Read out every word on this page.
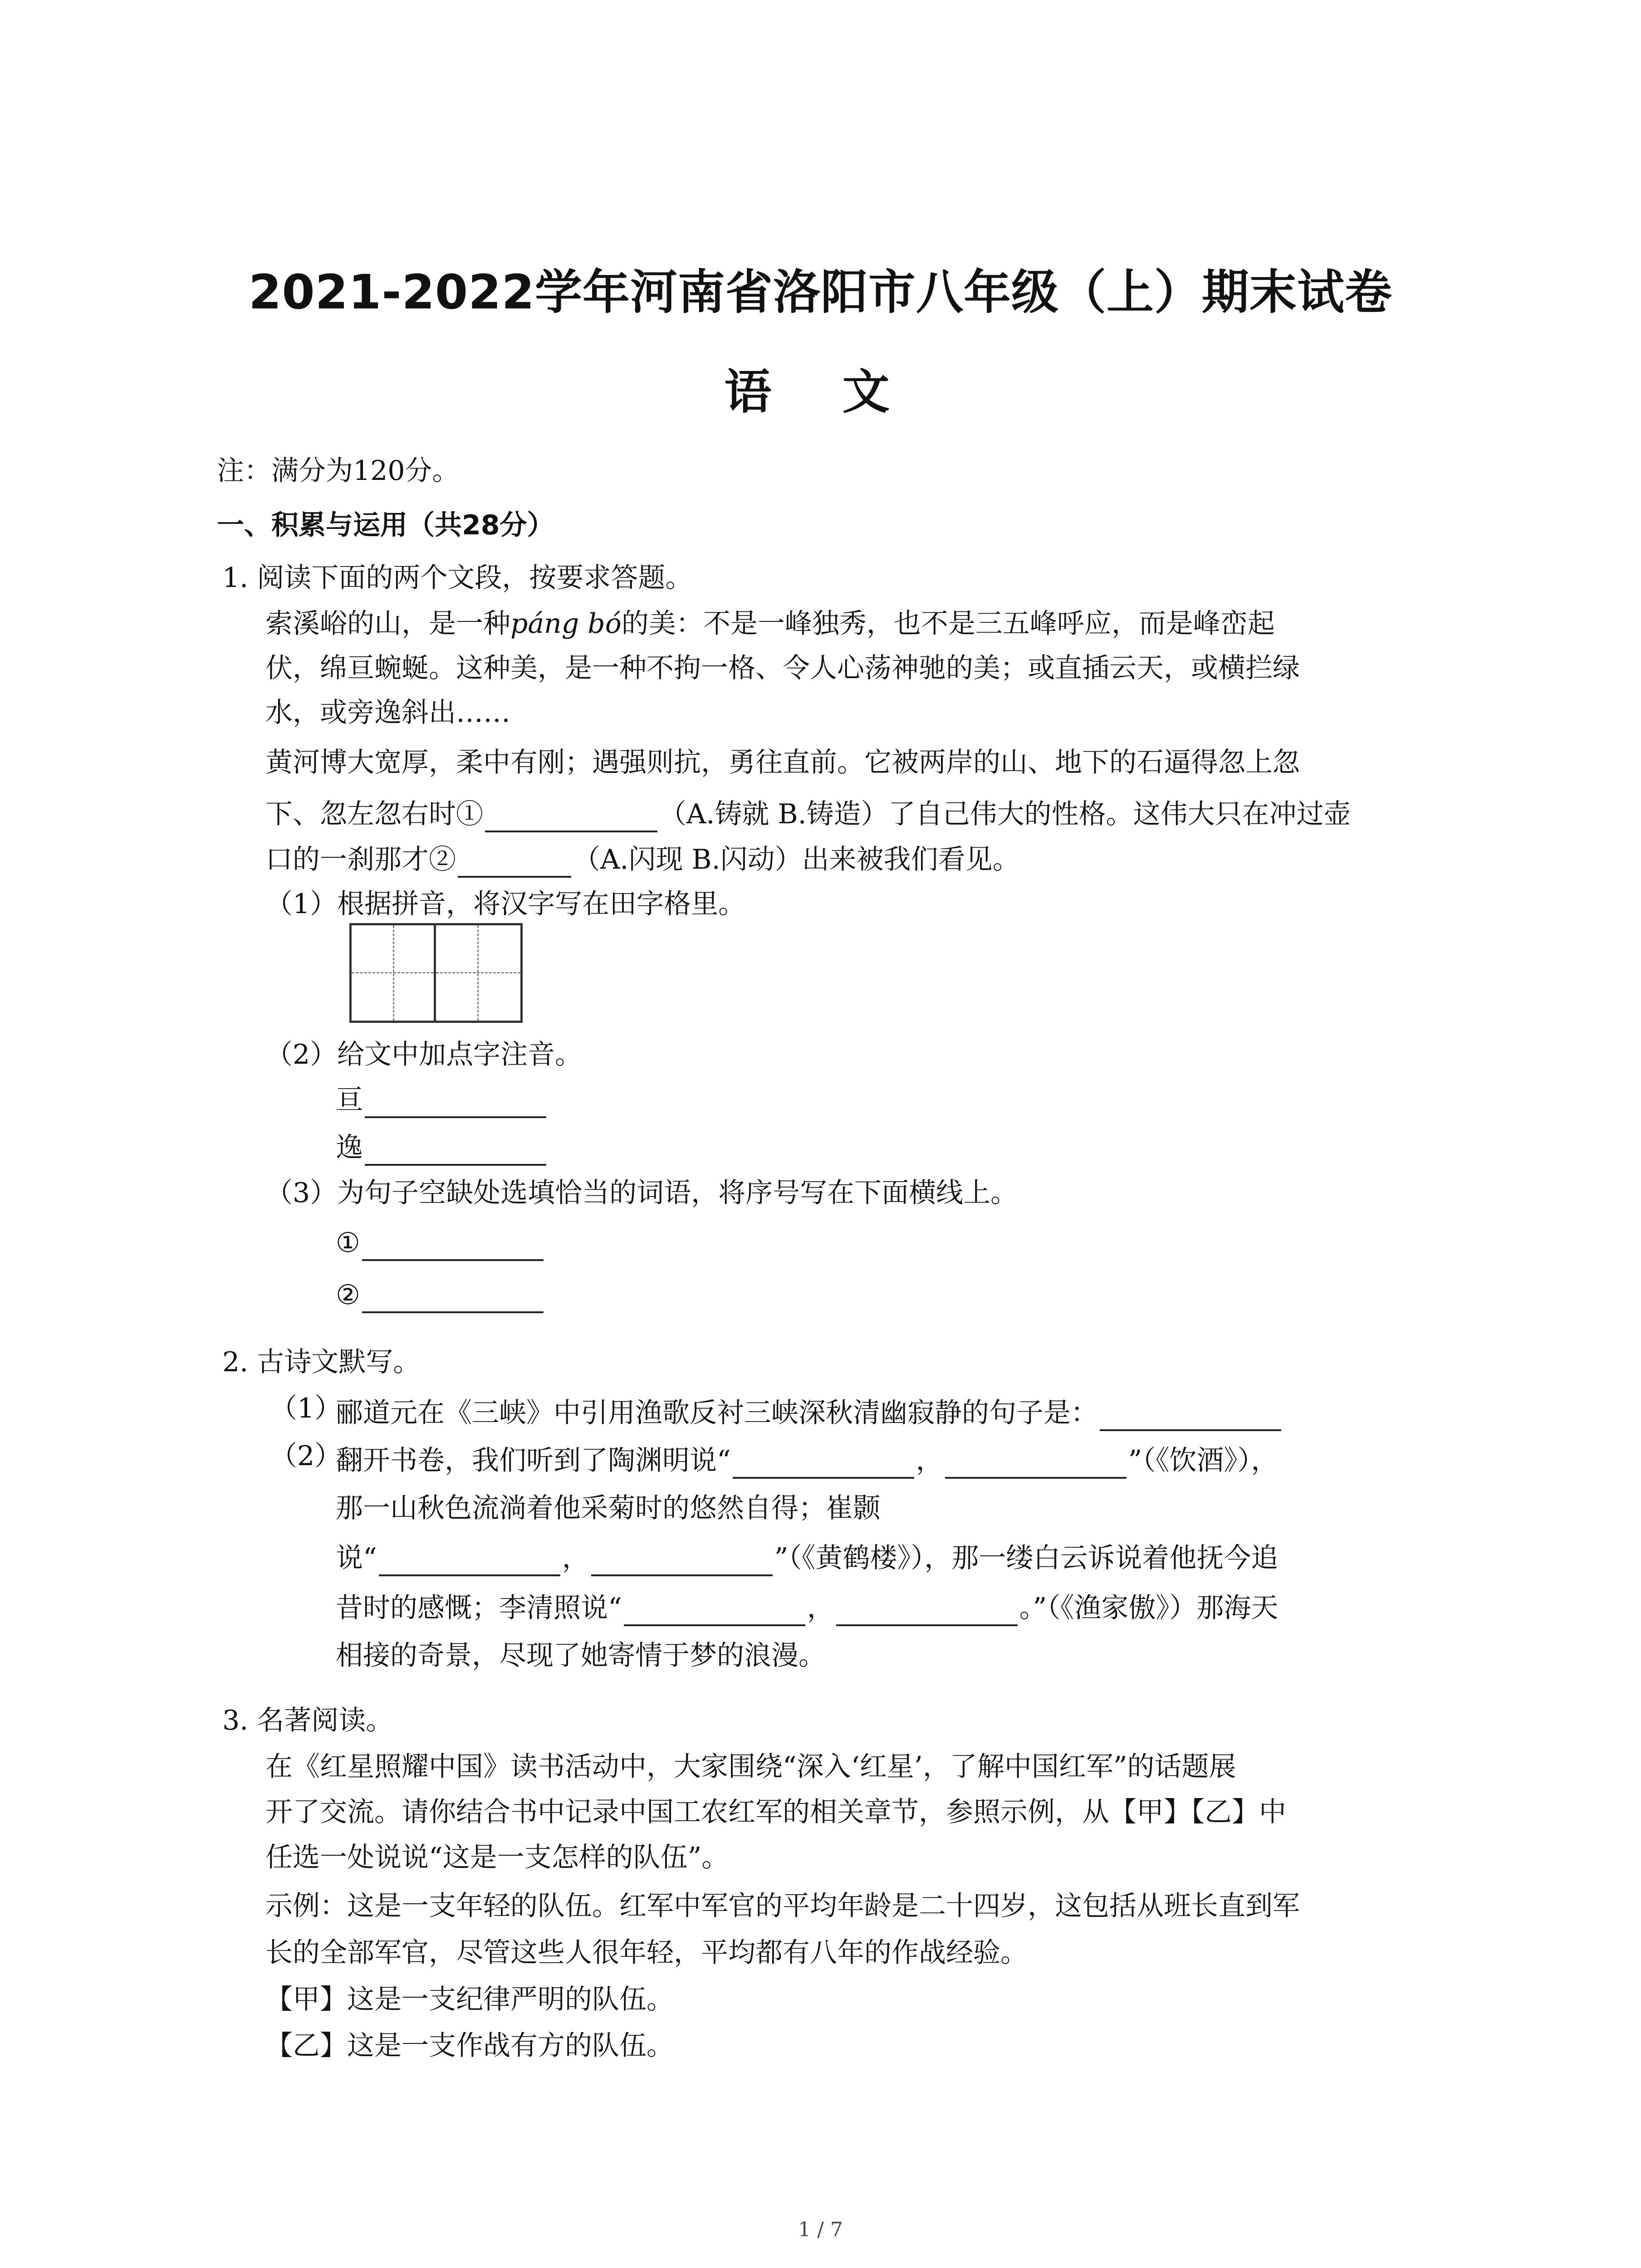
2021-2022学年河南省洛阳市八年级（上）期末试卷
语 文
注：满分为120分。
一、积累与运用（共28分）
1. 阅读下面的两个文段，按要求答题。
索溪峪的山，是一种páng bó的美：不是一峰独秀，也不是三五峰呼应，而是峰峦起
伏，绵亘蜿蜒。这种美，是一种不拘一格、令人心荡神驰的美；或直插云天，或横拦绿
水，或旁逸斜出……
黄河博大宽厚，柔中有刚；遇强则抗，勇往直前。它被两岸的山、地下的石逼得忽上忽
下、忽左忽右时①	（A.铸就 B.铸造）了自己伟大的性格。这伟大只在冲过壶
口的一刹那才②	（A.闪现 B.闪动）出来被我们看见。
（1）根据拼音，将汉字写在田字格里。
（2）给文中加点字注音。
亘
逸
（3）为句子空缺处选填恰当的词语，将序号写在下面横线上。
①
②
2. 古诗文默写。
（1）
郦道元在《三峡》中引用渔歌反衬三峡深秋清幽寂静的句子是：
（2）
翻开书卷，我们听到了陶渊明说“	，	”（《饮酒》），
那一山秋色流淌着他采菊时的悠然自得；崔颢
说“	，	”（《黄鹤楼》），那一缕白云诉说着他抚今追
昔时的感慨；李清照说“	，	。”（《渔家傲》）那海天
相接的奇景，尽现了她寄情于梦的浪漫。
3. 名著阅读。
在《红星照耀中国》读书活动中，大家围绕“深入‘红星’，了解中国红军”的话题展
开了交流。请你结合书中记录中国工农红军的相关章节，参照示例，从【甲】【乙】中
任选一处说说“这是一支怎样的队伍”。
示例：这是一支年轻的队伍。红军中军官的平均年龄是二十四岁，这包括从班长直到军
长的全部军官，尽管这些人很年轻，平均都有八年的作战经验。
【甲】这是一支纪律严明的队伍。
【乙】这是一支作战有方的队伍。
1 / 7
